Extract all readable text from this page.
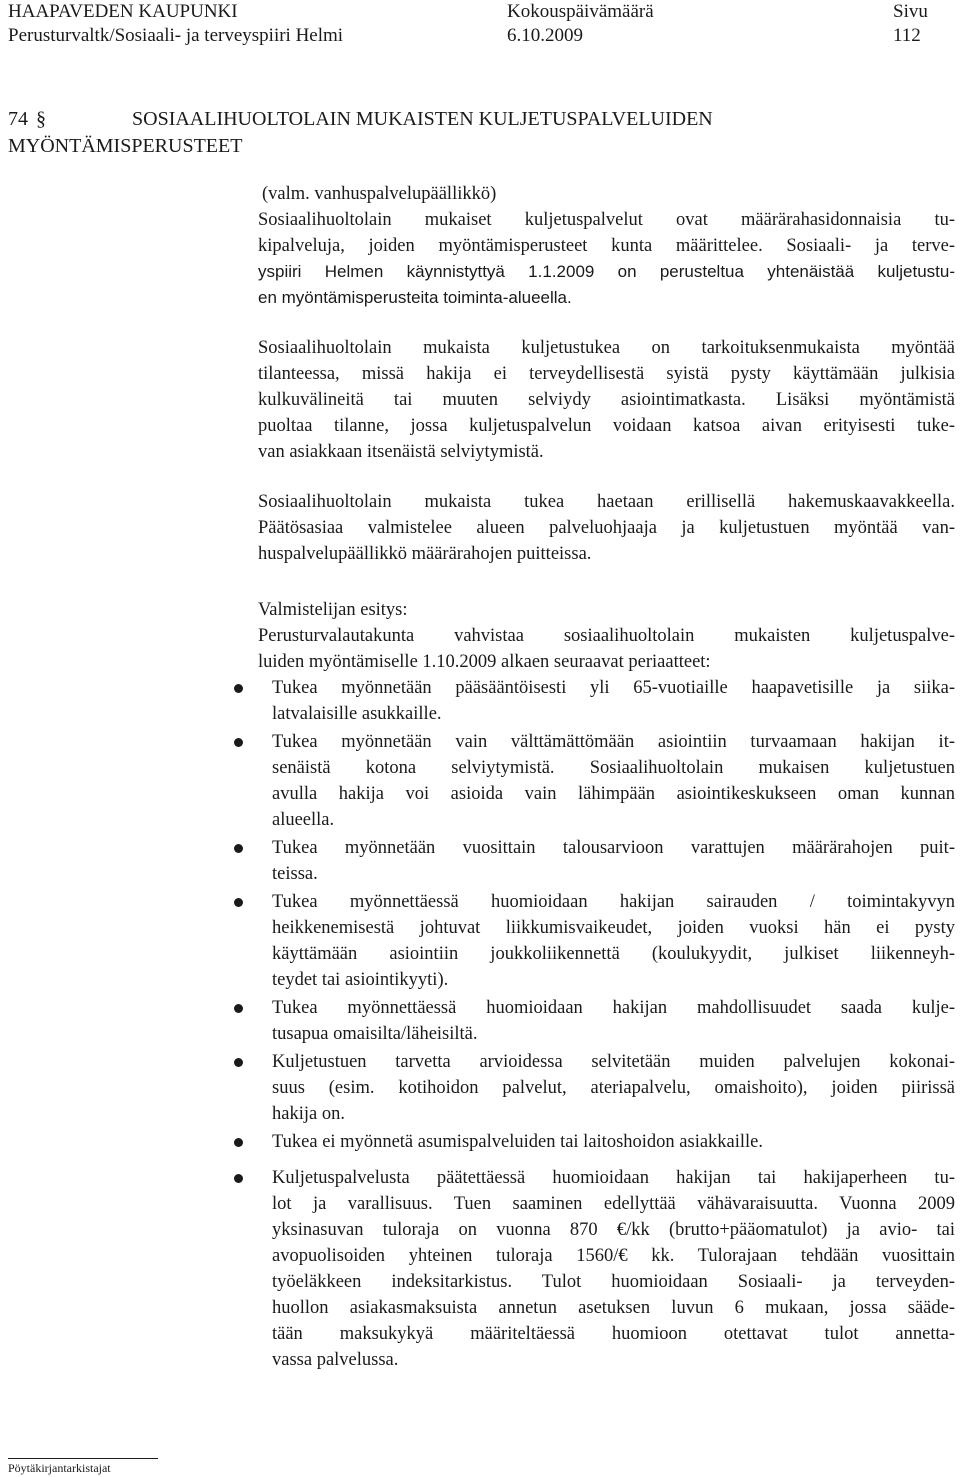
HAAPAVEDEN KAUPUNKI
Perusturvaltk/Sosiaali- ja terveyspiiri Helmi
Kokouspäivämäärä
6.10.2009
Sivu
112
74 §	SOSIAALIHUOLTOLAIN MUKAISTEN KULJETUSPALVELUIDEN
MYÖNTÄMISPERUSTEET
(valm. vanhuspalvelupäällikkö)
Sosiaalihuoltolain mukaiset kuljetuspalvelut ovat määrärahasidonnaisia tu-
kipalveluja, joiden myöntämisperusteet kunta määrittelee. Sosiaali- ja terve-
yspiiri Helmen käynnistyttyä 1.1.2009 on perusteltua yhtenäistää kuljetustu-
en myöntämisperusteita toiminta-alueella.
Sosiaalihuoltolain mukaista kuljetustukea on tarkoituksenmukaista myöntää
tilanteessa, missä hakija ei terveydellisestä syistä pysty käyttämään julkisia
kulkuvälineitä tai muuten selviydy asiointimatkasta. Lisäksi myöntämistä
puoltaa tilanne, jossa kuljetuspalvelun voidaan katsoa aivan erityisesti tuke-
van asiakkaan itsenäistä selviytymistä.
Sosiaalihuoltolain mukaista tukea haetaan erillisellä hakemuskaavakkeella.
Päätösasiaa valmistelee alueen palveluohjaaja ja kuljetustuen myöntää van-
huspalvelupäällikkö määrärahojen puitteissa.
Valmistelijan esitys:
Perusturvalautakunta vahvistaa sosiaalihuoltolain mukaisten kuljetuspalve-
luiden myöntämiselle 1.10.2009 alkaen seuraavat periaatteet:
Tukea myönnetään pääsääntöisesti yli 65-vuotiaille haapavetisille ja siika-
latvalaisille asukkaille.
Tukea myönnetään vain välttämättömään asiointiin turvaamaan hakijan it-
senäistä kotona selviytymistä. Sosiaalihuoltolain mukaisen kuljetustuen
avulla hakija voi asioida vain lähimpään asiointikeskukseen oman kunnan
alueella.
Tukea myönnetään vuosittain talousarvioon varattujen määrärahojen puit-
teissa.
Tukea myönnettäessä huomioidaan hakijan sairauden / toimintakyvyn
heikkenemisestä johtuvat liikkumisvaikeudet, joiden vuoksi hän ei pysty
käyttämään asiointiin joukkoliikennettä (koulukyydit, julkiset liikenneyh-
teydet tai asiointikyyti).
Tukea myönnettäessä huomioidaan hakijan mahdollisuudet saada kulje-
tusapua omaisilta/läheisiltä.
Kuljetustuen tarvetta arvioidessa selvitetään muiden palvelujen kokonai-
suus (esim. kotihoidon palvelut, ateriapalvelu, omaishoito), joiden piirissä
hakija on.
Tukea ei myönnetä asumispalveluiden tai laitoshoidon asiakkaille.
Kuljetuspalvelusta päätettäessä huomioidaan hakijan tai hakijaperheen tu-
lot ja varallisuus. Tuen saaminen edellyttää vähävaraisuutta. Vuonna 2009
yksinasuvan tuloraja on vuonna 870 €/kk (brutto+pääomatulot) ja avio- tai
avopuolisoiden yhteinen tuloraja 1560/€ kk. Tulorajaan tehdään vuosittain
työeläkkeen indeksitarkistus. Tulot huomioidaan Sosiaali- ja terveyden-
huollon asiakasmaksuista annetun asetuksen luvun 6 mukaan, jossa sääde-
tään maksukykyä määriteltäessä huomioon otettavat tulot annetta-
vassa palvelussa.
Pöytäkirjantarkistajat
